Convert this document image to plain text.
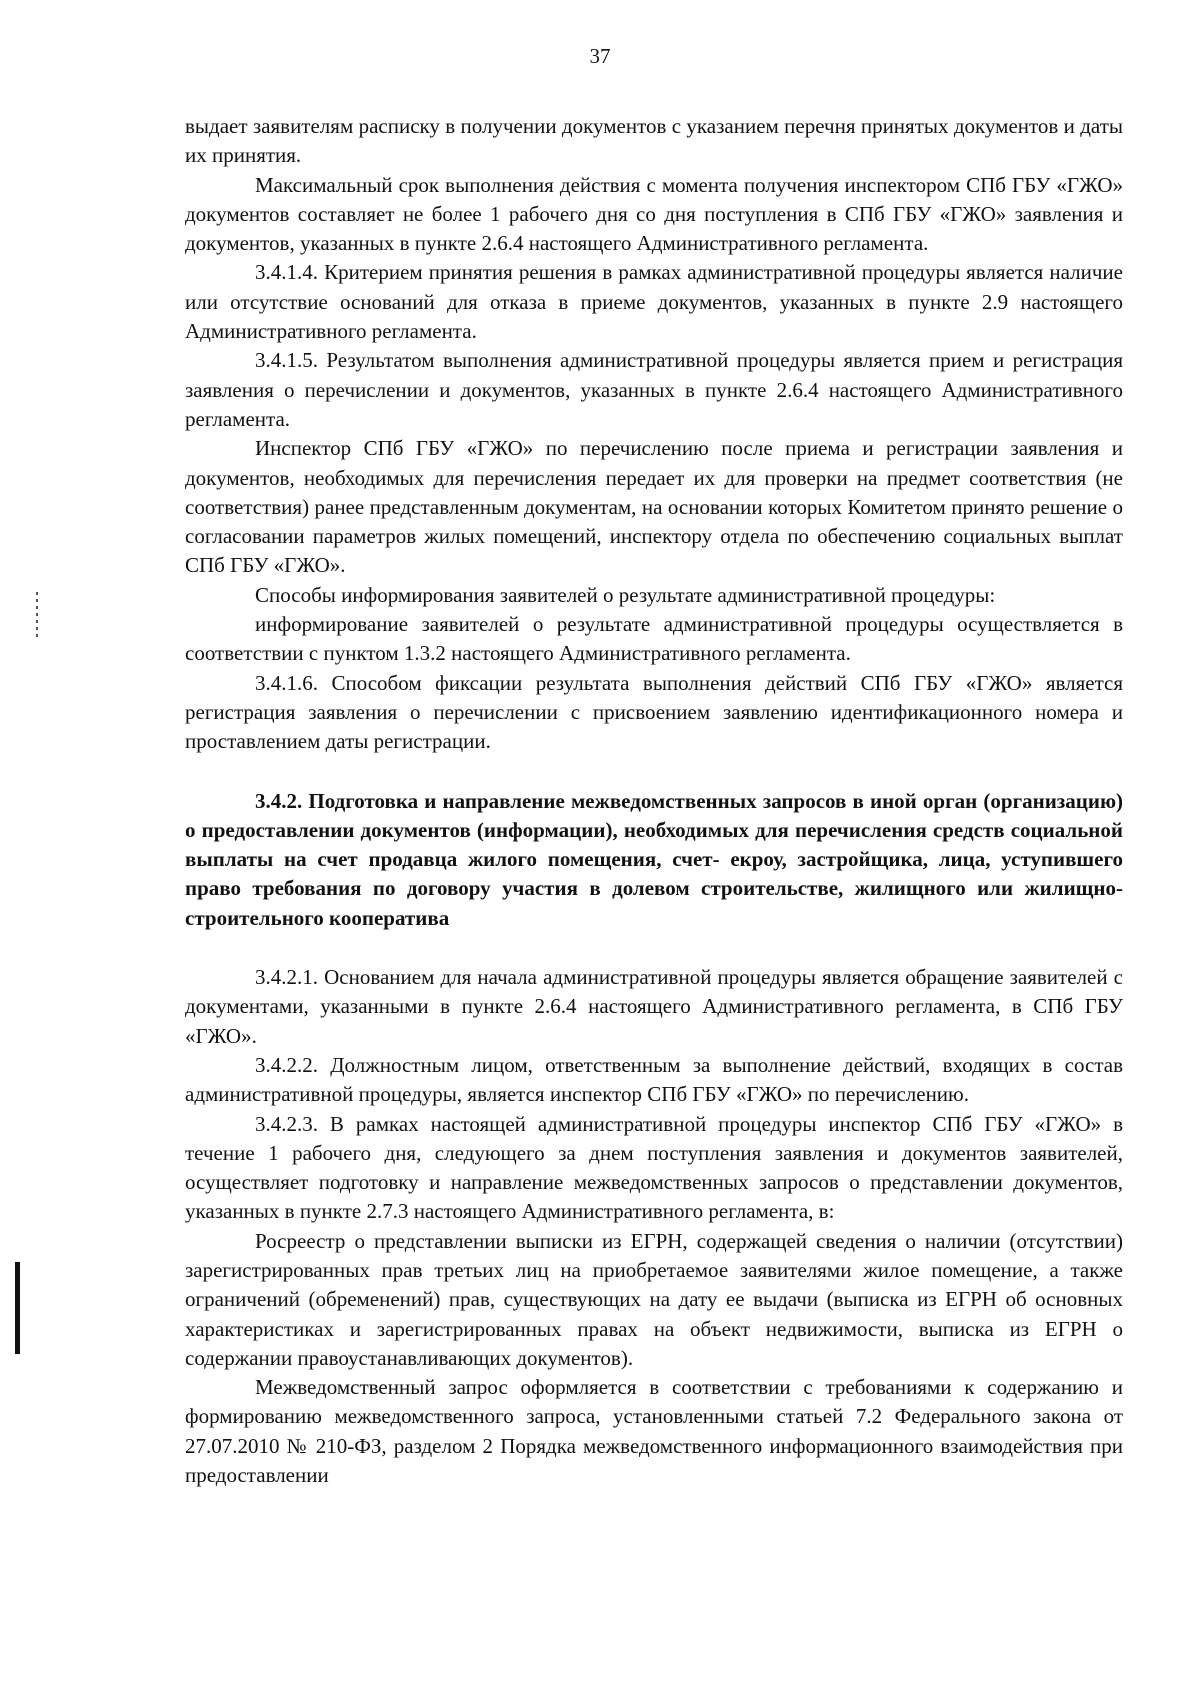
37

выдает заявителям расписку в получении документов с указанием перечня принятых документов и даты их принятия.

Максимальный срок выполнения действия с момента получения инспектором СПб ГБУ «ГЖО» документов составляет не более 1 рабочего дня со дня поступления в СПб ГБУ «ГЖО» заявления и документов, указанных в пункте 2.6.4 настоящего Административного регламента.

3.4.1.4. Критерием принятия решения в рамках административной процедуры является наличие или отсутствие оснований для отказа в приеме документов, указанных в пункте 2.9 настоящего Административного регламента.

3.4.1.5. Результатом выполнения административной процедуры является прием и регистрация заявления о перечислении и документов, указанных в пункте 2.6.4 настоящего Административного регламента.

Инспектор СПб ГБУ «ГЖО» по перечислению после приема и регистрации заявления и документов, необходимых для перечисления передает их для проверки на предмет соответствия (не соответствия) ранее представленным документам, на основании которых Комитетом принято решение о согласовании параметров жилых помещений, инспектору отдела по обеспечению социальных выплат СПб ГБУ «ГЖО».

Способы информирования заявителей о результате административной процедуры:

информирование заявителей о результате административной процедуры осуществляется в соответствии с пунктом 1.3.2 настоящего Административного регламента.

3.4.1.6. Способом фиксации результата выполнения действий СПб ГБУ «ГЖО» является регистрация заявления о перечислении с присвоением заявлению идентификационного номера и проставлением даты регистрации.

3.4.2. Подготовка и направление межведомственных запросов в иной орган (организацию) о предоставлении документов (информации), необходимых для перечисления средств социальной выплаты на счет продавца жилого помещения, счет- екроу, застройщика, лица, уступившего право требования по договору участия в долевом строительстве, жилищного или жилищно-строительного кооператива

3.4.2.1. Основанием для начала административной процедуры является обращение заявителей с документами, указанными в пункте 2.6.4 настоящего Административного регламента, в СПб ГБУ «ГЖО».

3.4.2.2. Должностным лицом, ответственным за выполнение действий, входящих в состав административной процедуры, является инспектор СПб ГБУ «ГЖО» по перечислению.

3.4.2.3. В рамках настоящей административной процедуры инспектор СПб ГБУ «ГЖО» в течение 1 рабочего дня, следующего за днем поступления заявления и документов заявителей, осуществляет подготовку и направление межведомственных запросов о представлении документов, указанных в пункте 2.7.3 настоящего Административного регламента, в:

Росреестр о представлении выписки из ЕГРН, содержащей сведения о наличии (отсутствии) зарегистрированных прав третьих лиц на приобретаемое заявителями жилое помещение, а также ограничений (обременений) прав, существующих на дату ее выдачи (выписка из ЕГРН об основных характеристиках и зарегистрированных правах на объект недвижимости, выписка из ЕГРН о содержании правоустанавливающих документов).

Межведомственный запрос оформляется в соответствии с требованиями к содержанию и формированию межведомственного запроса, установленными статьей 7.2 Федерального закона от 27.07.2010 № 210-ФЗ, разделом 2 Порядка межведомственного информационного взаимодействия при предоставлении
